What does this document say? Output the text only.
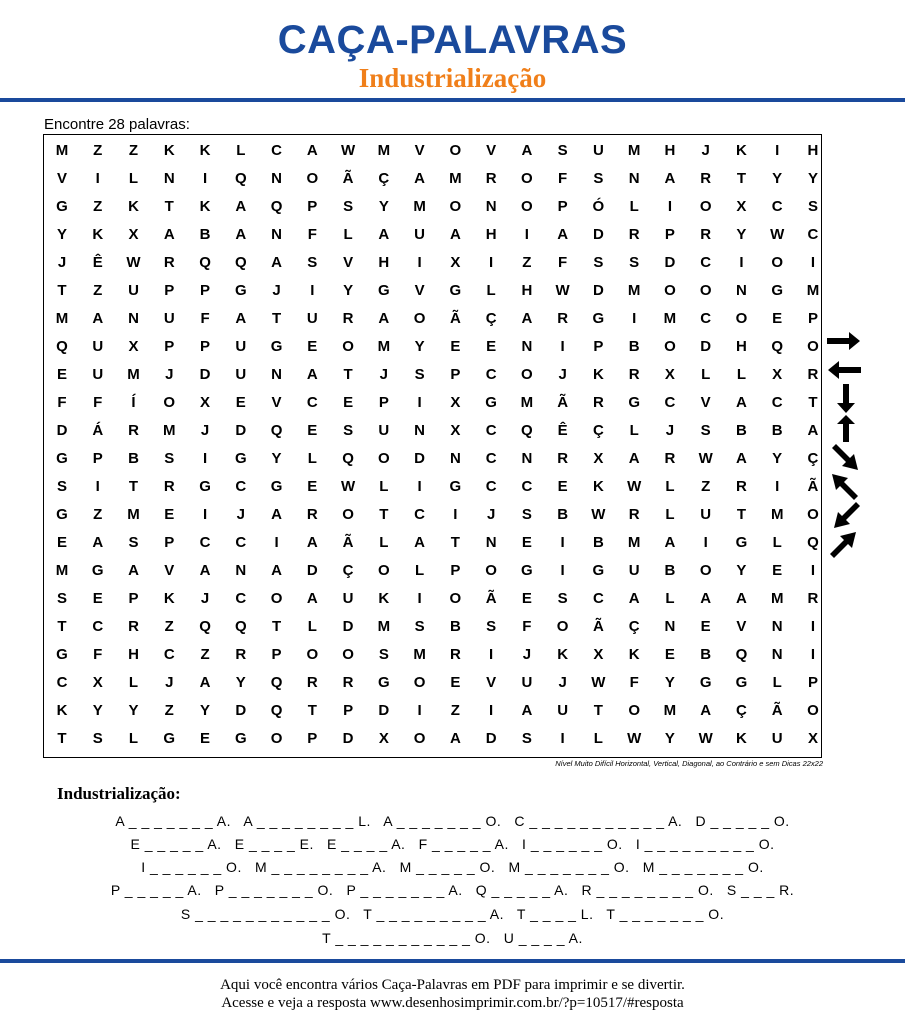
CAÇA-PALAVRAS
Industrialização
Encontre 28 palavras:
M	Z	Z	K	K	L	C	A	W	M	V	O	V	A	S	U	M	H	J	K	I	H
V	I	L	N	I	Q	N	O	Ã	Ç	A	M	R	O	F	S	N	A	R	T	Y	Y
G	Z	K	T	K	A	Q	P	S	Y	M	O	N	O	P	Ó	L	I	O	X	C	S
Y	K	X	A	B	A	N	F	L	A	U	A	H	I	A	D	R	P	R	Y	W	C
J	Ê	W	R	Q	Q	A	S	V	H	I	X	I	Z	F	S	S	D	C	I	O	I
T	Z	U	P	P	G	J	I	Y	G	V	G	L	H	W	D	M	O	O	N	G	M
M	A	N	U	F	A	T	U	R	A	O	Ã	Ç	A	R	G	I	M	C	O	E	P
Q	U	X	P	P	U	G	E	O	M	Y	E	E	N	I	P	B	O	D	H	Q	O
E	U	M	J	D	U	N	A	T	J	S	P	C	O	J	K	R	X	L	L	X	R
F	F	Í	O	X	E	V	C	E	P	I	X	G	M	Ã	R	G	C	V	A	C	T
D	Á	R	M	J	D	Q	E	S	U	N	X	C	Q	Ê	Ç	L	J	S	B	B	A
G	P	B	S	I	G	Y	L	Q	O	D	N	C	N	R	X	A	R	W	A	Y	Ç
S	I	T	R	G	C	G	E	W	L	I	G	C	C	E	K	W	L	Z	R	I	Ã
G	Z	M	E	I	J	A	R	O	T	C	I	J	S	B	W	R	L	U	T	M	O
E	A	S	P	C	C	I	A	Ã	L	A	T	N	E	I	B	M	A	I	G	L	Q
M	G	A	V	A	N	A	D	Ç	O	L	P	O	G	I	G	U	B	O	Y	E	I
S	E	P	K	J	C	O	A	U	K	I	O	Ã	E	S	C	A	L	A	A	M	R
T	C	R	Z	Q	Q	T	L	D	M	S	B	S	F	O	Ã	Ç	N	E	V	N	I
G	F	H	C	Z	R	P	O	O	S	M	R	I	J	K	X	K	E	B	Q	N	I
C	X	L	J	A	Y	Q	R	R	G	O	E	V	U	J	W	F	Y	G	G	L	P
K	Y	Y	Z	Y	D	Q	T	P	D	I	Z	I	A	U	T	O	M	A	Ç	Ã	O
T	S	L	G	E	G	O	P	D	X	O	A	D	S	I	L	W	Y	W	K	U	X
Nível Muito Difícil Horizontal, Vertical, Diagonal, ao Contrário e sem Dicas 22x22
Industrialização:
A _ _ _ _ _ _ _ A.   A _ _ _ _ _ _ _ _ L.   A _ _ _ _ _ _ _ O.   C _ _ _ _ _ _ _ _ _ _ _ A.   D _ _ _ _ _ O.
E _ _ _ _ _ A.   E _ _ _ _ E.   E _ _ _ _ A.   F _ _ _ _ _ A.   I _ _ _ _ _ _ O.   I _ _ _ _ _ _ _ _ _ O.
I _ _ _ _ _ _ O.   M _ _ _ _ _ _ _ _ A.   M _ _ _ _ _ O.   M _ _ _ _ _ _ _ O.   M _ _ _ _ _ _ _ O.
P _ _ _ _ _ A.   P _ _ _ _ _ _ _ O.   P _ _ _ _ _ _ _ A.   Q _ _ _ _ _ A.   R _ _ _ _ _ _ _ _ O.   S _ _ _ R.
S _ _ _ _ _ _ _ _ _ _ _ O.   T _ _ _ _ _ _ _ _ _ A.   T _ _ _ _ L.   T _ _ _ _ _ _ _ O.
T _ _ _ _ _ _ _ _ _ _ _ O.   U _ _ _ _ A.
Aqui você encontra vários Caça-Palavras em PDF para imprimir e se divertir.
Acesse e veja a resposta www.desenhosimprimir.com.br/?p=10517/#resposta
